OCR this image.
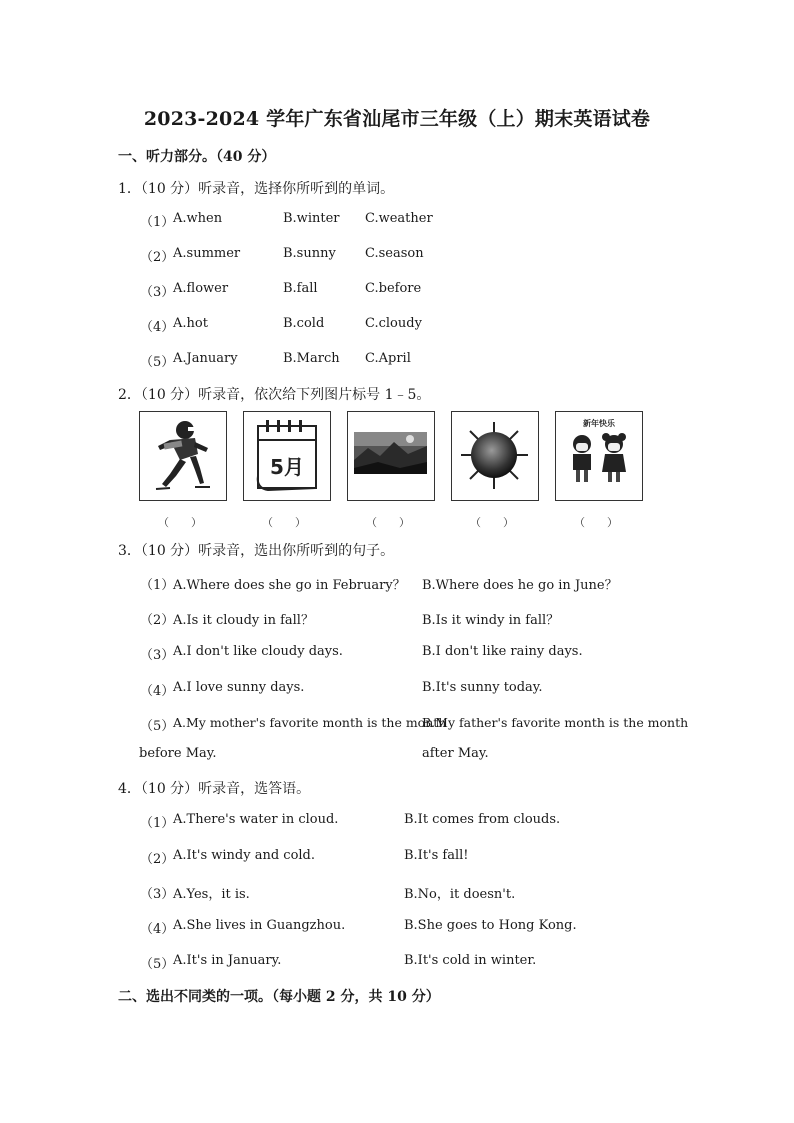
2023-2024 学年广东省汕尾市三年级（上）期末英语试卷
一、听力部分。（40 分）
1．（10 分）听录音，选择你所听到的单词。
（1）
A.when	B.winter C.weather
（2）
A.summer	B.sunny C.season
（3）
A.flower	B.fall	C.before
（4）
A.hot	B.cold	C.cloudy
（5）
A.January	B.March C.April
2．（10 分）听录音，依次给下列图片标号 1﹣5。
5月
新年快乐
（　　）	（　　）	（　　）	（　　）	（　　）
3．（10 分）听录音，选出你所听到的句子。
（1）
A.Where does she go in February？ B.Where does he go in June？
（2）
A.Is it cloudy in fall？	B.Is it windy in fall？
（3）
A.I don't like cloudy days.	B.I don't like rainy days.
（4）
A.I love sunny days.	B.It's sunny today.
（5）
A.My mother's favorite month is the month
B.My father's favorite month is the month
before May.	after May.
4．（10 分）听录音，选答语。
（1）
A.There's water in cloud.	B.It comes from clouds.
（2）
A.It's windy and cold.	B.It's fall!
（3）
A.Yes，it is.	B.No，it doesn't.
（4）
A.She lives in Guangzhou.	B.She goes to Hong Kong.
（5）
A.It's in January.	B.It's cold in winter.
二、选出不同类的一项。（每小题 2 分，共 10 分）
